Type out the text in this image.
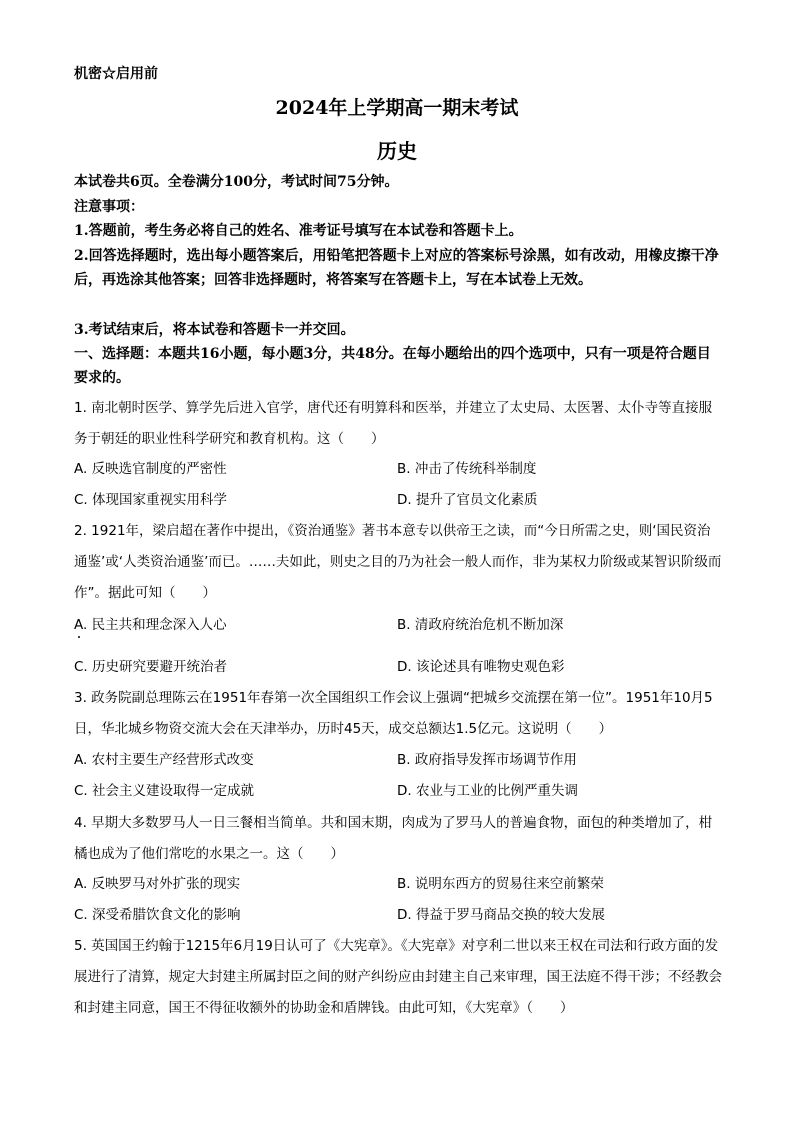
机密☆启用前
2024年上学期高一期末考试
历史
本试卷共6页。全卷满分100分，考试时间75分钟。
注意事项：
1.答题前，考生务必将自己的姓名、准考证号填写在本试卷和答题卡上。
2.回答选择题时，选出每小题答案后，用铅笔把答题卡上对应的答案标号涂黑，如有改动，用橡皮擦干净后，再选涂其他答案；回答非选择题时，将答案写在答题卡上，写在本试卷上无效。
3.考试结束后，将本试卷和答题卡一并交回。
一、选择题：本题共16小题，每小题3分，共48分。在每小题给出的四个选项中，只有一项是符合题目要求的。
1. 南北朝时医学、算学先后进入官学，唐代还有明算科和医举，并建立了太史局、太医署、太仆寺等直接服务于朝廷的职业性科学研究和教育机构。这（　　）
A. 反映选官制度的严密性	B. 冲击了传统科举制度
C. 体现国家重视实用科学	D. 提升了官员文化素质
2. 1921年，梁启超在著作中提出，《资治通鉴》著书本意专以供帝王之读，而“今日所需之史，则‘国民资治通鉴’或‘人类资治通鉴’而已。……夫如此，则史之目的乃为社会一般人而作，非为某权力阶级或某智识阶级而作”。据此可知（　　）
A. 民主共和理念深入人心	B. 清政府统治危机不断加深
C. 历史研究要避开统治者	D. 该论述具有唯物史观色彩
3. 政务院副总理陈云在1951年春第一次全国组织工作会议上强调“把城乡交流摆在第一位”。1951年10月5日，华北城乡物资交流大会在天津举办，历时45天，成交总额达1.5亿元。这说明（　　）
A. 农村主要生产经营形式改变	B. 政府指导发挥市场调节作用
C. 社会主义建设取得一定成就	D. 农业与工业的比例严重失调
4. 早期大多数罗马人一日三餐相当简单。共和国末期，肉成为了罗马人的普遍食物，面包的种类增加了，柑橘也成为了他们常吃的水果之一。这（　　）
A. 反映罗马对外扩张的现实	B. 说明东西方的贸易往来空前繁荣
C. 深受希腊饮食文化的影响	D. 得益于罗马商品交换的较大发展
5. 英国国王约翰于1215年6月19日认可了《大宪章》。《大宪章》对亨利二世以来王权在司法和行政方面的发展进行了清算，规定大封建主所属封臣之间的财产纠纷应由封建主自己来审理，国王法庭不得干涉；不经教会和封建主同意，国王不得征收额外的协助金和盾牌钱。由此可知，《大宪章》（　　）
